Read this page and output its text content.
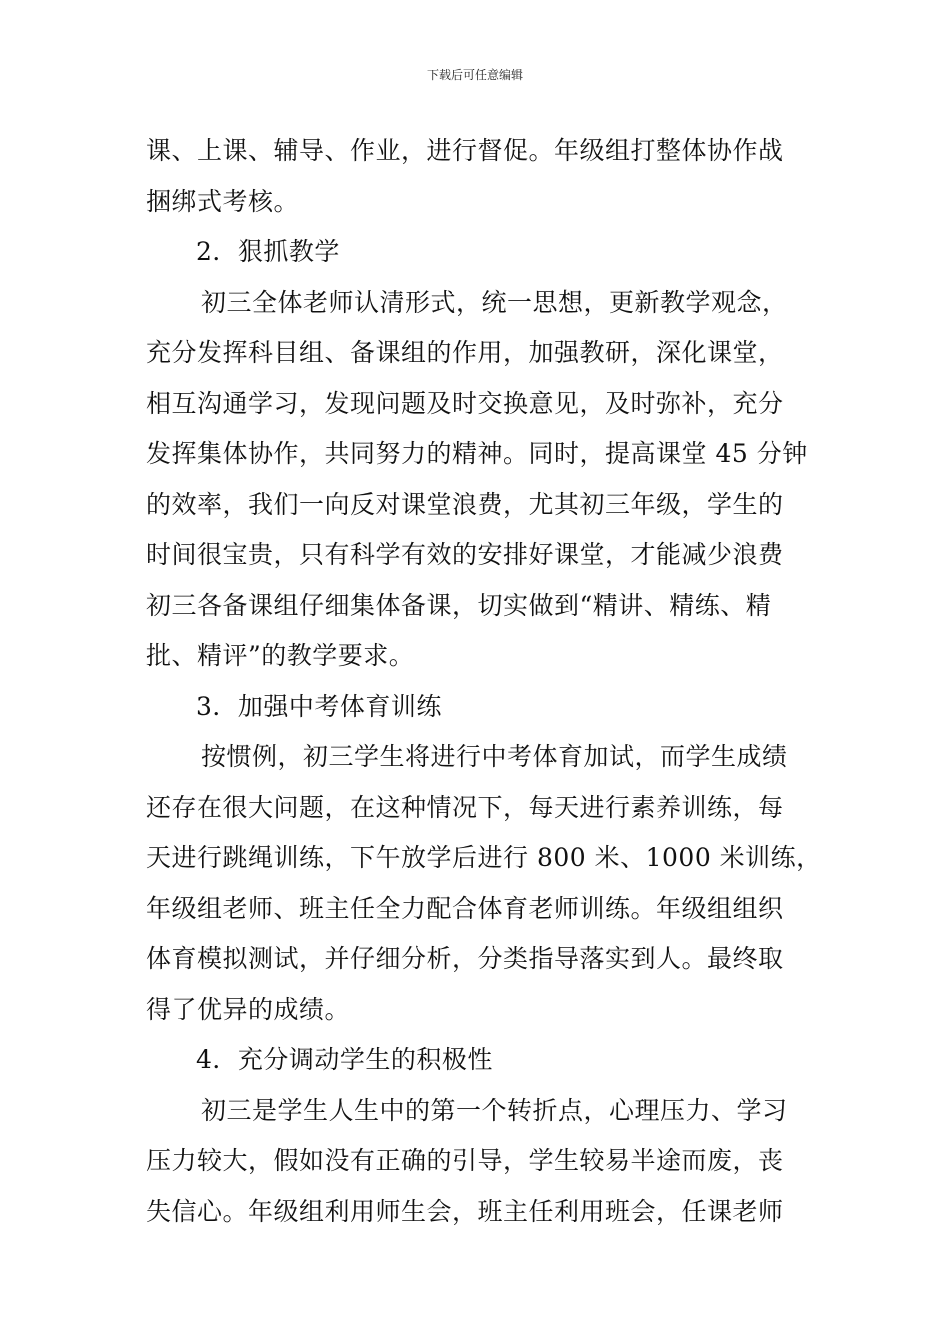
下载后可任意编辑
课、上课、辅导、作业，进行督促。年级组打整体协作战
捆绑式考核。
2．狠抓教学
初三全体老师认清形式，统一思想，更新教学观念，
充分发挥科目组、备课组的作用，加强教研，深化课堂，
相互沟通学习，发现问题及时交换意见，及时弥补，充分
发挥集体协作，共同努力的精神。同时，提高课堂 45 分钟
的效率，我们一向反对课堂浪费，尤其初三年级，学生的
时间很宝贵，只有科学有效的安排好课堂，才能减少浪费
初三各备课组仔细集体备课，切实做到“精讲、精练、精
批、精评”的教学要求。
3．加强中考体育训练
按惯例，初三学生将进行中考体育加试，而学生成绩
还存在很大问题，在这种情况下，每天进行素养训练，每
天进行跳绳训练，下午放学后进行 800 米、1000 米训练，
年级组老师、班主任全力配合体育老师训练。年级组组织
体育模拟测试，并仔细分析，分类指导落实到人。最终取
得了优异的成绩。
4．充分调动学生的积极性
初三是学生人生中的第一个转折点，心理压力、学习
压力较大，假如没有正确的引导，学生较易半途而废，丧
失信心。年级组利用师生会，班主任利用班会，任课老师
